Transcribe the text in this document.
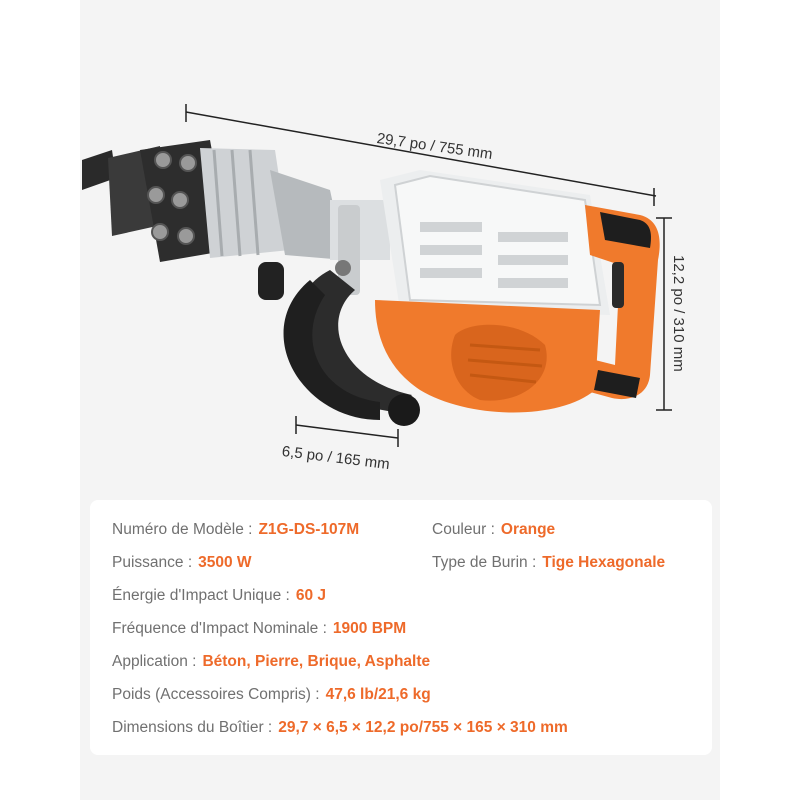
29,7 po / 755 mm
12,2 po / 310 mm
6,5 po / 165 mm
Numéro de Modèle : Z1G-DS-107M	Couleur : Orange
Puissance : 3500 W	Type de Burin : Tige Hexagonale
Énergie d'Impact Unique : 60 J
Fréquence d'Impact Nominale : 1900 BPM
Application : Béton, Pierre, Brique, Asphalte
Poids (Accessoires Compris) : 47,6 lb/21,6 kg
Dimensions du Boîtier : 29,7 × 6,5 × 12,2 po/755 × 165 × 310 mm
